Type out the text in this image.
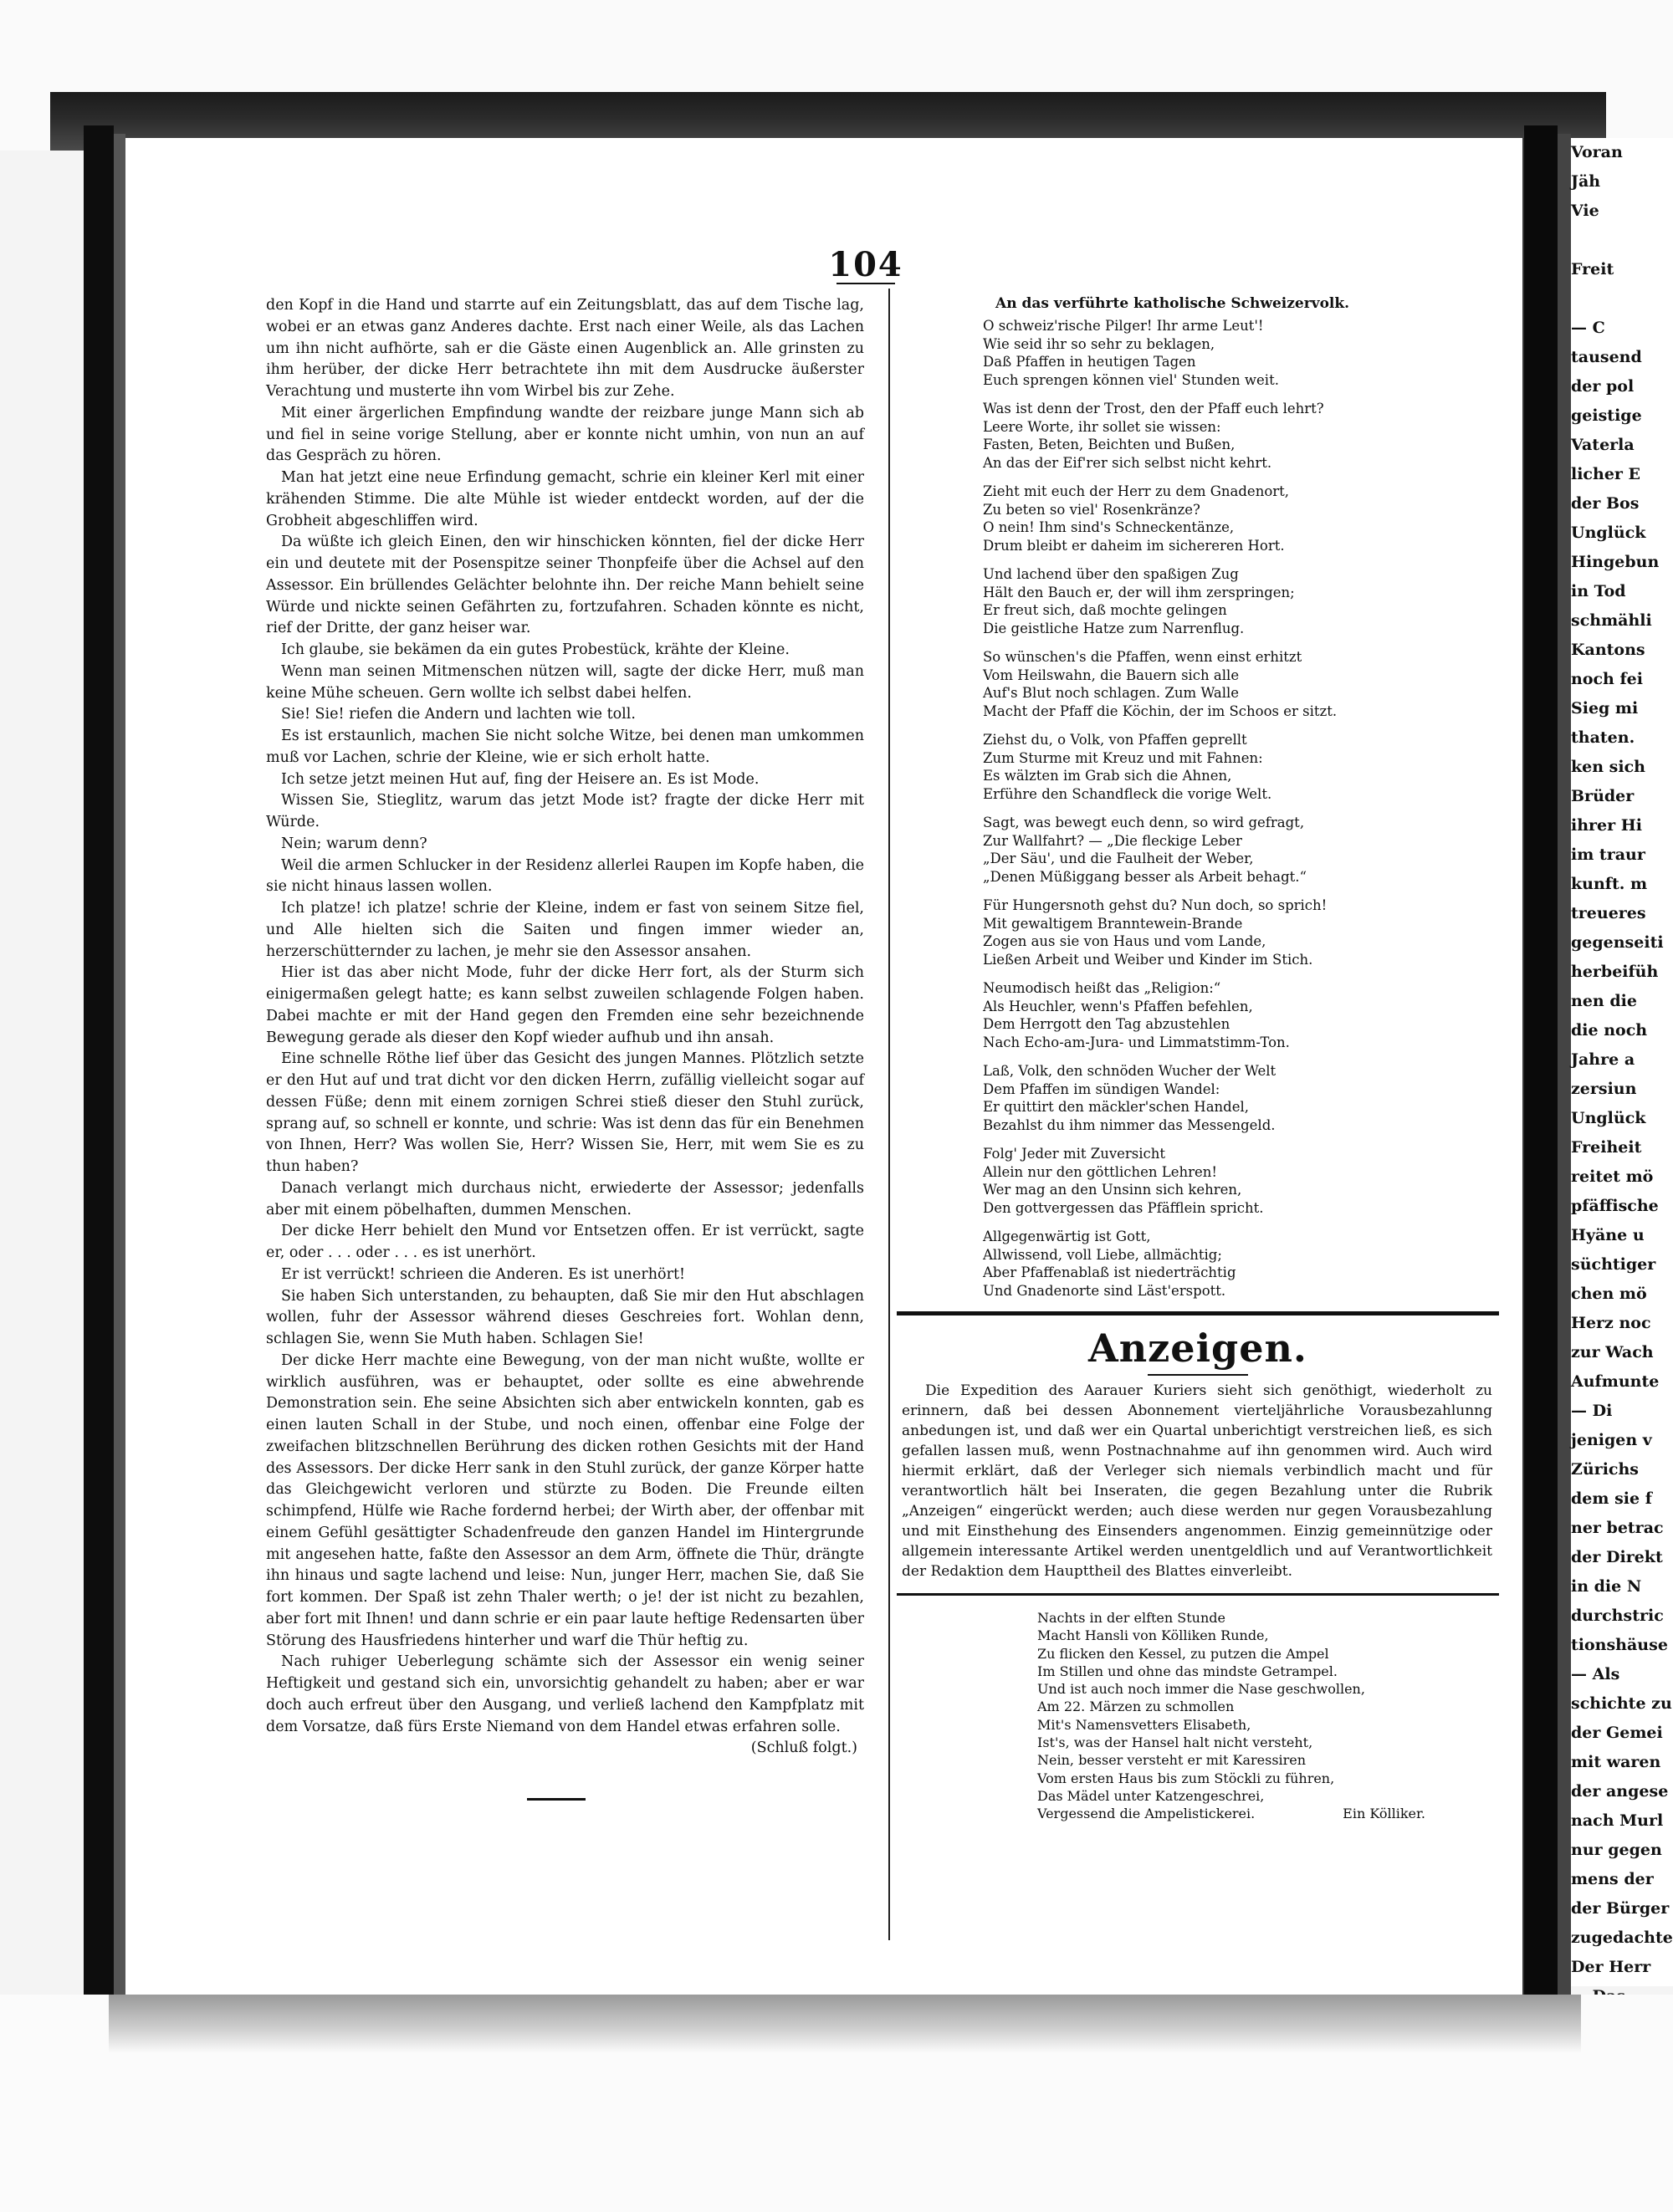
Voran
Jäh
Vie

Freit

— C
tausend
der pol
geistige
Vaterla
licher E
der Bos
Unglück
Hingebun
in Tod
schmähli
Kantons
noch fei
Sieg mi
thaten.
ken sich
Brüder
ihrer Hi
im traur
kunft. m
treueres
gegenseiti
herbeifüh
nen die
die noch
Jahre a
zersiun
Unglück
Freiheit
reitet mö
pfäffische
Hyäne u
süchtiger
chen mö
Herz noc
zur Wach
Aufmunte
— Di
jenigen v
Zürichs
dem sie f
ner betrac
der Direkt
in die N
durchstric
tionshäuse
— Als
schichte zu
der Gemei
mit waren
der angese
nach Murl
nur gegen
mens der
der Bürger
zugedachte
Der Herr
104

den Kopf in die Hand und starrte auf ein Zeitungsblatt, das auf dem Tische lag, wobei er an etwas ganz Anderes dachte. Erst nach einer Weile, als das Lachen um ihn nicht aufhörte, sah er die Gäste einen Augenblick an. Alle grinsten zu ihm herüber, der dicke Herr betrachtete ihn mit dem Ausdrucke äußerster Verachtung und musterte ihn vom Wirbel bis zur Zehe.

Mit einer ärgerlichen Empfindung wandte der reizbare junge Mann sich ab und fiel in seine vorige Stellung, aber er konnte nicht umhin, von nun an auf das Gespräch zu hören.

Man hat jetzt eine neue Erfindung gemacht, schrie ein kleiner Kerl mit einer krähenden Stimme. Die alte Mühle ist wieder entdeckt worden, auf der die Grobheit abgeschliffen wird.

Da wüßte ich gleich Einen, den wir hinschicken könnten, fiel der dicke Herr ein und deutete mit der Posenspitze seiner Thonpfeife über die Achsel auf den Assessor. Ein brüllendes Gelächter belohnte ihn. Der reiche Mann behielt seine Würde und nickte seinen Gefährten zu, fortzufahren. Schaden könnte es nicht, rief der Dritte, der ganz heiser war.

Ich glaube, sie bekämen da ein gutes Probestück, krähte der Kleine.

Wenn man seinen Mitmenschen nützen will, sagte der dicke Herr, muß man keine Mühe scheuen. Gern wollte ich selbst dabei helfen.

Sie! Sie! riefen die Andern und lachten wie toll.

Es ist erstaunlich, machen Sie nicht solche Witze, bei denen man umkommen muß vor Lachen, schrie der Kleine, wie er sich erholt hatte.

Ich setze jetzt meinen Hut auf, fing der Heisere an. Es ist Mode.

Wissen Sie, Stieglitz, warum das jetzt Mode ist? fragte der dicke Herr mit Würde.

Nein; warum denn?

Weil die armen Schlucker in der Residenz allerlei Raupen im Kopfe haben, die sie nicht hinaus lassen wollen.

Ich platze! ich platze! schrie der Kleine, indem er fast von seinem Sitze fiel, und Alle hielten sich die Saiten und fingen immer wieder an, herzerschütternder zu lachen, je mehr sie den Assessor ansahen.

Hier ist das aber nicht Mode, fuhr der dicke Herr fort, als der Sturm sich einigermaßen gelegt hatte; es kann selbst zuweilen schlagende Folgen haben. Dabei machte er mit der Hand gegen den Fremden eine sehr bezeichnende Bewegung gerade als dieser den Kopf wieder aufhub und ihn ansah.

Eine schnelle Röthe lief über das Gesicht des jungen Mannes. Plötzlich setzte er den Hut auf und trat dicht vor den dicken Herrn, zufällig vielleicht sogar auf dessen Füße; denn mit einem zornigen Schrei stieß dieser den Stuhl zurück, sprang auf, so schnell er konnte, und schrie: Was ist denn das für ein Benehmen von Ihnen, Herr? Was wollen Sie, Herr? Wissen Sie, Herr, mit wem Sie es zu thun haben?

Danach verlangt mich durchaus nicht, erwiederte der Assessor; jedenfalls aber mit einem pöbelhaften, dummen Menschen.

Der dicke Herr behielt den Mund vor Entsetzen offen. Er ist verrückt, sagte er, oder . . . oder . . . es ist unerhört.

Er ist verrückt! schrieen die Anderen. Es ist unerhört!

Sie haben Sich unterstanden, zu behaupten, daß Sie mir den Hut abschlagen wollen, fuhr der Assessor während dieses Geschreies fort. Wohlan denn, schlagen Sie, wenn Sie Muth haben. Schlagen Sie!

Der dicke Herr machte eine Bewegung, von der man nicht wußte, wollte er wirklich ausführen, was er behauptet, oder sollte es eine abwehrende Demonstration sein. Ehe seine Absichten sich aber entwickeln konnten, gab es einen lauten Schall in der Stube, und noch einen, offenbar eine Folge der zweifachen blitzschnellen Berührung des dicken rothen Gesichts mit der Hand des Assessors. Der dicke Herr sank in den Stuhl zurück, der ganze Körper hatte das Gleichgewicht verloren und stürzte zu Boden. Die Freunde eilten schimpfend, Hülfe wie Rache fordernd herbei; der Wirth aber, der offenbar mit einem Gefühl gesättigter Schadenfreude den ganzen Handel im Hintergrunde mit angesehen hatte, faßte den Assessor an dem Arm, öffnete die Thür, drängte ihn hinaus und sagte lachend und leise: Nun, junger Herr, machen Sie, daß Sie fort kommen. Der Spaß ist zehn Thaler werth; o je! der ist nicht zu bezahlen, aber fort mit Ihnen! und dann schrie er ein paar laute heftige Redensarten über Störung des Hausfriedens hinterher und warf die Thür heftig zu.

Nach ruhiger Ueberlegung schämte sich der Assessor ein wenig seiner Heftigkeit und gestand sich ein, unvorsichtig gehandelt zu haben; aber er war doch auch erfreut über den Ausgang, und verließ lachend den Kampfplatz mit dem Vorsatze, daß fürs Erste Niemand von dem Handel etwas erfahren solle.

(Schluß folgt.)
An das verführte katholische Schweizervolk.
O schweiz'rische Pilger! Ihr arme Leut'!
Wie seid ihr so sehr zu beklagen,
Daß Pfaffen in heutigen Tagen
Euch sprengen können viel' Stunden weit.
Was ist denn der Trost, den der Pfaff euch lehrt?
Leere Worte, ihr sollet sie wissen:
Fasten, Beten, Beichten und Bußen,
An das der Eif'rer sich selbst nicht kehrt.
Zieht mit euch der Herr zu dem Gnadenort,
Zu beten so viel' Rosenkränze?
O nein! Ihm sind's Schneckentänze,
Drum bleibt er daheim im sichereren Hort.
Und lachend über den spaßigen Zug
Hält den Bauch er, der will ihm zerspringen;
Er freut sich, daß mochte gelingen
Die geistliche Hatze zum Narrenflug.
So wünschen's die Pfaffen, wenn einst erhitzt
Vom Heilswahn, die Bauern sich alle
Auf's Blut noch schlagen. Zum Walle
Macht der Pfaff die Köchin, der im Schoos er sitzt.
Ziehst du, o Volk, von Pfaffen geprellt
Zum Sturme mit Kreuz und mit Fahnen:
Es wälzten im Grab sich die Ahnen,
Erführe den Schandfleck die vorige Welt.
Sagt, was bewegt euch denn, so wird gefragt,
Zur Wallfahrt? — „Die fleckige Leber
„Der Säu', und die Faulheit der Weber,
„Denen Müßiggang besser als Arbeit behagt.“
Für Hungersnoth gehst du? Nun doch, so sprich!
Mit gewaltigem Branntewein-Brande
Zogen aus sie von Haus und vom Lande,
Ließen Arbeit und Weiber und Kinder im Stich.
Neumodisch heißt das „Religion:“
Als Heuchler, wenn's Pfaffen befehlen,
Dem Herrgott den Tag abzustehlen
Nach Echo-am-Jura- und Limmatstimm-Ton.
Laß, Volk, den schnöden Wucher der Welt
Dem Pfaffen im sündigen Wandel:
Er quittirt den mäckler'schen Handel,
Bezahlst du ihm nimmer das Messengeld.
Folg' Jeder mit Zuversicht
Allein nur den göttlichen Lehren!
Wer mag an den Unsinn sich kehren,
Den gottvergessen das Pfäfflein spricht.
Allgegenwärtig ist Gott,
Allwissend, voll Liebe, allmächtig;
Aber Pfaffenablaß ist niederträchtig
Und Gnadenorte sind Läst'erspott.
Anzeigen.

Die Expedition des Aarauer Kuriers sieht sich genöthigt, wiederholt zu erinnern, daß bei dessen Abonnement vierteljährliche Vorausbezahlunng anbedungen ist, und daß wer ein Quartal unberichtigt verstreichen ließ, es sich gefallen lassen muß, wenn Postnachnahme auf ihn genommen wird. Auch wird hiermit erklärt, daß der Verleger sich niemals verbindlich macht und für verantwortlich hält bei Inseraten, die gegen Bezahlung unter die Rubrik „Anzeigen“ eingerückt werden; auch diese werden nur gegen Vorausbezahlung und mit Einsthehung des Einsenders angenommen. Einzig gemeinnützige oder allgemein interessante Artikel werden unentgeldlich und auf Verantwortlichkeit der Redaktion dem Haupttheil des Blattes einverleibt.

Nachts in der elften Stunde
Macht Hansli von Kölliken Runde,
Zu flicken den Kessel, zu putzen die Ampel
Im Stillen und ohne das mindste Getrampel.
Und ist auch noch immer die Nase geschwollen,
Am 22. Märzen zu schmollen
Mit's Namensvetters Elisabeth,
Ist's, was der Hansel halt nicht versteht,
Nein, besser versteht er mit Karessiren
Vom ersten Haus bis zum Stöckli zu führen,
Das Mädel unter Katzengeschrei,
Vergessend die Ampelistickerei.	Ein Kölliker.
